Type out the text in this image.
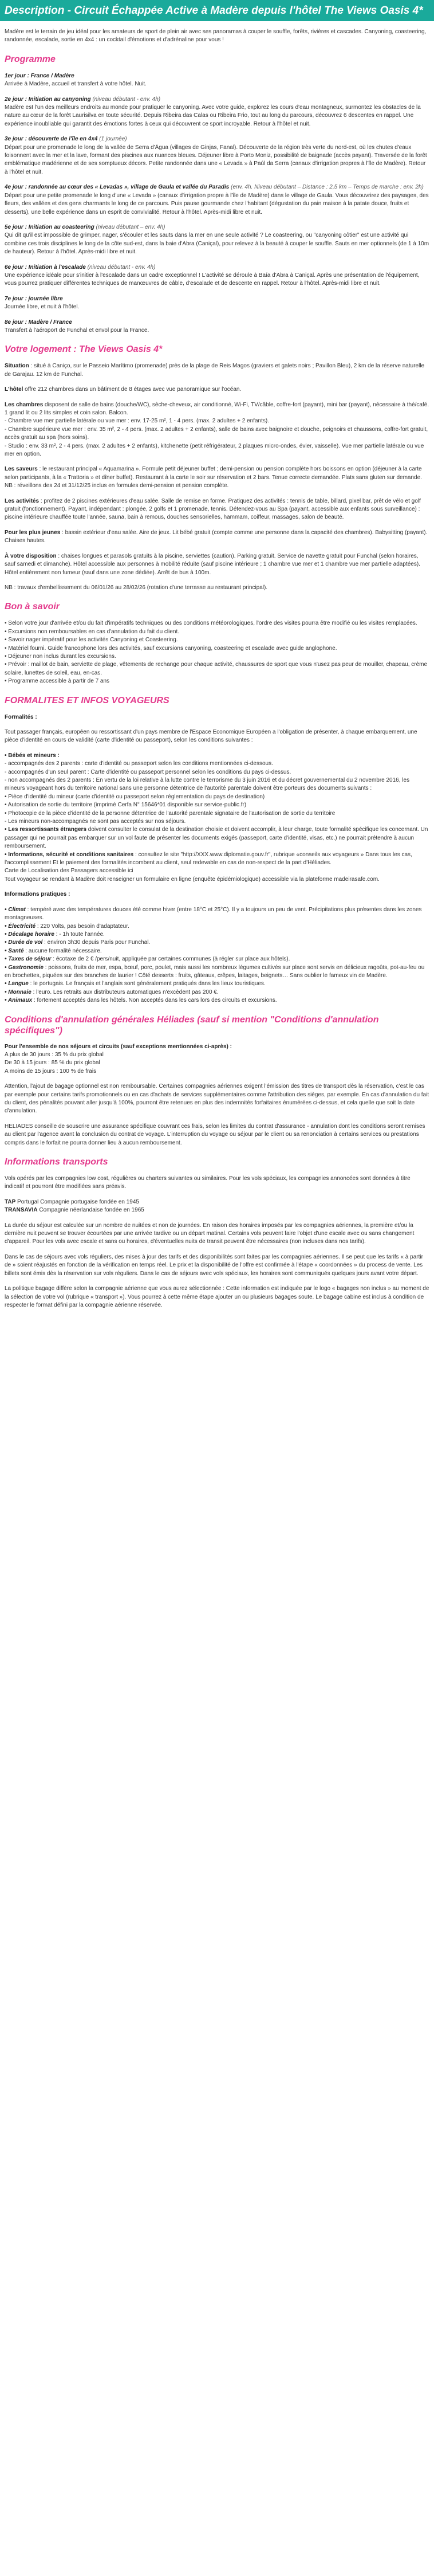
Description - Circuit Échappée Active à Madère depuis l'hôtel The Views Oasis 4*

Madère est le terrain de jeu idéal pour les amateurs de sport de plein air avec ses panoramas à couper le souffle, forêts, rivières et cascades. Canyoning, coasteering, randonnée, escalade, sortie en 4x4 : un cocktail d'émotions et d'adrénaline pour vous !

Programme
1er jour : France / Madère
Arrivée à Madère, accueil et transfert à votre hôtel. Nuit.
2e jour : Initiation au canyoning (niveau débutant - env. 4h)
Madère est l'un des meilleurs endroits au monde pour pratiquer le canyoning. Avec votre guide, explorez les cours d'eau montagneux, surmontez les obstacles de la nature au cœur de la forêt Laurisilva en toute sécurité. Depuis Ribeira das Calas ou Ribeira Frio, tout au long du parcours, découvrez 6 descentes en rappel. Une expérience inoubliable qui garantit des émotions fortes à ceux qui découvrent ce sport incroyable. Retour à l'hôtel et nuit.
3e jour : découverte de l'île en 4x4 (1 journée)
Départ pour une promenade le long de la vallée de Serra d'Água (villages de Ginjas, Fanal). Découverte de la région très verte du nord-est, où les chutes d'eaux foisonnent avec la mer et la lave, formant des piscines aux nuances bleues. Déjeuner libre à Porto Moniz, possibilité de baignade (accès payant). Traversée de la forêt emblématique madérienne et de ses somptueux décors. Petite randonnée dans une « Levada » à Paúl da Serra (canaux d'irrigation propres à l'île de Madère). Retour à l'hôtel et nuit.
4e jour : randonnée au cœur des « Levadas », village de Gaula et vallée du Paradis (env. 4h. Niveau débutant – Distance : 2,5 km – Temps de marche : env. 2h)
Départ pour une petite promenade le long d'une « Levada » (canaux d'irrigation propre à l'île de Madère) dans le village de Gaula. Vous découvrirez des paysages, des fleurs, des vallées et des gens charmants le long de ce parcours. Puis pause gourmande chez l'habitant (dégustation du pain maison à la patate douce, fruits et desserts), une belle expérience dans un esprit de convivialité. Retour à l'hôtel. Après-midi libre et nuit.
5e jour : Initiation au coasteering (niveau débutant – env. 4h)
Qui dit qu'il est impossible de grimper, nager, s'écouler et les sauts dans la mer en une seule activité ? Le coasteering, ou "canyoning côtier" est une activité qui combine ces trois disciplines le long de la côte sud-est, dans la baie d'Abra (Caniçal), pour relevez à la beauté à couper le souffle. Sauts en mer optionnels (de 1 à 10m de hauteur). Retour à l'hôtel. Après-midi libre et nuit.
6e jour : Initiation à l'escalade (niveau débutant - env. 4h)
Une expérience idéale pour s'initier à l'escalade dans un cadre exceptionnel ! L'activité se déroule à Baía d'Abra à Caniçal. Après une présentation de l'équipement, vous pourrez pratiquer différentes techniques de manœuvres de câble, d'escalade et de descente en rappel. Retour à l'hôtel. Après-midi libre et nuit.
7e jour : journée libre
Journée libre, et nuit à l'hôtel.
8e jour : Madère / France
Transfert à l'aéroport de Funchal et envol pour la France.
Votre logement : The Views Oasis 4*

Situation : situé à Caniço, sur le Passeio Marítimo (promenade) près de la plage de Reis Magos (graviers et galets noirs ; Pavillon Bleu), 2 km de la réserve naturelle de Garajau. 12 km de Funchal.

L'hôtel offre 212 chambres dans un bâtiment de 8 étages avec vue panoramique sur l'océan.

Les chambres disposent de salle de bains (douche/WC), sèche-cheveux, air conditionné, Wi-Fi, TV/câble, coffre-fort (payant), mini bar (payant), nécessaire à thé/café. 1 grand lit ou 2 lits simples et coin salon. Balcon.
- Chambre vue mer partielle latérale ou vue mer : env. 17-25 m², 1 - 4 pers. (max. 2 adultes + 2 enfants).
- Chambre supérieure vue mer : env. 35 m², 2 - 4 pers. (max. 2 adultes + 2 enfants), salle de bains avec baignoire et douche, peignoirs et chaussons, coffre-fort gratuit, accès gratuit au spa (hors soins).
- Studio : env. 33 m², 2 - 4 pers. (max. 2 adultes + 2 enfants), kitchenette (petit réfrigérateur, 2 plaques micro-ondes, évier, vaisselle). Vue mer partielle latérale ou vue mer en option.

Les saveurs : le restaurant principal « Aquamarina ». Formule petit déjeuner buffet ; demi-pension ou pension complète hors boissons en option (déjeuner à la carte selon participants, à la « Trattoria » et dîner buffet). Restaurant à la carte le soir sur réservation et 2 bars. Tenue correcte demandée. Plats sans gluten sur demande.
NB : réveillons des 24 et 31/12/25 inclus en formules demi-pension et pension complète.

Les activités : profitez de 2 piscines extérieures d'eau salée. Salle de remise en forme. Pratiquez des activités : tennis de table, billard, pixel bar, prêt de vélo et golf gratuit (fonctionnement). Payant, indépendant : plongée, 2 golfs et 1 promenade, tennis. Détendez-vous au Spa (payant, accessible aux enfants sous surveillance) : piscine intérieure chauffée toute l'année, sauna, bain à remous, douches sensorielles, hammam, coiffeur, massages, salon de beauté.

Pour les plus jeunes : bassin extérieur d'eau salée. Aire de jeux. Lit bébé gratuit (compte comme une personne dans la capacité des chambres). Babysitting (payant). Chaises hautes.

À votre disposition : chaises longues et parasols gratuits à la piscine, serviettes (caution). Parking gratuit. Service de navette gratuit pour Funchal (selon horaires, sauf samedi et dimanche). Hôtel accessible aux personnes à mobilité réduite (sauf piscine intérieure ; 1 chambre vue mer et 1 chambre vue mer partielle adaptées). Hôtel entièrement non fumeur (sauf dans une zone dédiée). Arrêt de bus à 100m.

NB : travaux d'embellissement du 06/01/26 au 28/02/26 (rotation d'une terrasse au restaurant principal).

Bon à savoir
• Selon votre jour d'arrivée et/ou du fait d'impératifs techniques ou des conditions météorologiques, l'ordre des visites pourra être modifié ou les visites remplacées.
• Excursions non remboursables en cas d'annulation du fait du client.
• Savoir nager impératif pour les activités Canyoning et Coasteering.
• Matériel fourni. Guide francophone lors des activités, sauf excursions canyoning, coasteering et escalade avec guide anglophone.
• Déjeuner non inclus durant les excursions.
• Prévoir : maillot de bain, serviette de plage, vêtements de rechange pour chaque activité, chaussures de sport que vous n'usez pas peur de mouiller, chapeau, crème solaire, lunettes de soleil, eau, en-cas.
• Programme accessible à partir de 7 ans
FORMALITES ET INFOS VOYAGEURS

Formalités :

Tout passager français, européen ou ressortissant d'un pays membre de l'Espace Economique Européen a l'obligation de présenter, à chaque embarquement, une pièce d'identité en cours de validité (carte d'identité ou passeport), selon les conditions suivantes :

• Bébés et mineurs :
- accompagnés des 2 parents : carte d'identité ou passeport selon les conditions mentionnées ci-dessous.
- accompagnés d'un seul parent : Carte d'identité ou passeport personnel selon les conditions du pays ci-dessus.
- non accompagnés des 2 parents : En vertu de la loi relative à la lutte contre le terrorisme du 3 juin 2016 et du décret gouvernemental du 2 novembre 2016, les mineurs voyageant hors du territoire national sans une personne détentrice de l'autorité parentale doivent être porteurs des documents suivants :
• Pièce d'identité du mineur (carte d'identité ou passeport selon réglementation du pays de destination)
• Autorisation de sortie du territoire (imprimé Cerfa N° 15646*01 disponible sur service-public.fr)
• Photocopie de la pièce d'identité de la personne détentrice de l'autorité parentale signataire de l'autorisation de sortie du territoire
- Les mineurs non-accompagnés ne sont pas acceptés sur nos séjours.
• Les ressortissants étrangers doivent consulter le consulat de la destination choisie et doivent accomplir, à leur charge, toute formalité spécifique les concernant. Un passager qui ne pourrait pas embarquer sur un vol faute de présenter les documents exigés (passeport, carte d'identité, visas, etc.) ne pourrait prétendre à aucun remboursement.
• Informations, sécurité et conditions sanitaires : consultez le site "http://XXX.www.diplomatie.gouv.fr", rubrique «conseils aux voyageurs » Dans tous les cas, l'accomplissement Et le paiement des formalités incombent au client, seul redevable en cas de non-respect de la part d'Héliades.
Carte de Localisation des Passagers accessible ici
Tout voyageur se rendant à Madère doit renseigner un formulaire en ligne (enquête épidémiologique) accessible via la plateforme madeirasafe.com.

Informations pratiques :

• Climat : tempéré avec des températures douces été comme hiver (entre 18°C et 25°C). Il y a toujours un peu de vent. Précipitations plus présentes dans les zones montagneuses.
• Électricité : 220 Volts, pas besoin d'adaptateur.
• Décalage horaire : - 1h toute l'année.
• Durée de vol : environ 3h30 depuis Paris pour Funchal.
• Santé : aucune formalité nécessaire.
• Taxes de séjour : écotaxe de 2 € /pers/nuit, appliquée par certaines communes (à régler sur place aux hôtels).
• Gastronomie : poissons, fruits de mer, espa, bœuf, porc, poulet, mais aussi les nombreux légumes cultivés sur place sont servis en délicieux ragoûts, pot-au-feu ou en brochettes, piquées sur des branches de laurier ! Côté desserts : fruits, gâteaux, crêpes, laitages, beignets… Sans oublier le fameux vin de Madère.
• Langue : le portugais. Le français et l'anglais sont généralement pratiqués dans les lieux touristiques.
• Monnaie : l'euro. Les retraits aux distributeurs automatiques n'excèdent pas 200 €.
• Animaux : fortement acceptés dans les hôtels. Non acceptés dans les cars lors des circuits et excursions.
Conditions d'annulation générales Héliades (sauf si mention "Conditions d'annulation spécifiques")

Pour l'ensemble de nos séjours et circuits (sauf exceptions mentionnées ci-après) :
A plus de 30 jours : 35 % du prix global
De 30 à 15 jours : 85 % du prix global
A moins de 15 jours : 100 % de frais

Attention, l'ajout de bagage optionnel est non remboursable. Certaines compagnies aériennes exigent l'émission des titres de transport dès la réservation, c'est le cas par exemple pour certains tarifs promotionnels ou en cas d'achats de services supplémentaires comme l'attribution des sièges, par exemple. En cas d'annulation du fait du client, des pénalités pouvant aller jusqu'à 100%, pourront être retenues en plus des indemnités forfaitaires énumérées ci-dessus, et cela quelle que soit la date d'annulation.

HELIADES conseille de souscrire une assurance spécifique couvrant ces frais, selon les limites du contrat d'assurance - annulation dont les conditions seront remises au client par l'agence avant la conclusion du contrat de voyage. L'interruption du voyage ou séjour par le client ou sa renonciation à certains services ou prestations compris dans le forfait ne pourra donner lieu à aucun remboursement.

Informations transports

Vols opérés par les compagnies low cost, régulières ou charters suivantes ou similaires. Pour les vols spéciaux, les compagnies annoncées sont données à titre indicatif et pourront être modifiées sans préavis.

TAP Portugal Compagnie portugaise fondée en 1945
TRANSAVIA Compagnie néerlandaise fondée en 1965

La durée du séjour est calculée sur un nombre de nuitées et non de journées. En raison des horaires imposés par les compagnies aériennes, la première et/ou la dernière nuit peuvent se trouver écourtées par une arrivée tardive ou un départ matinal. Certains vols peuvent faire l'objet d'une escale avec ou sans changement d'appareil. Pour les vols avec escale et sans ou horaires, d'éventuelles nuits de transit peuvent être nécessaires (non incluses dans nos tarifs).

Dans le cas de séjours avec vols réguliers, des mises à jour des tarifs et des disponibilités sont faites par les compagnies aériennes. Il se peut que les tarifs « à partir de » soient réajustés en fonction de la vérification en temps réel. Le prix et la disponibilité de l'offre est confirmée à l'étape « coordonnées » du process de vente. Les billets sont émis dès la réservation sur vols réguliers. Dans le cas de séjours avec vols spéciaux, les horaires sont communiqués quelques jours avant votre départ.

La politique bagage diffère selon la compagnie aérienne que vous aurez sélectionnée : Cette information est indiquée par le logo « bagages non inclus » au moment de la sélection de votre vol (rubrique « transport »). Vous pourrez à cette même étape ajouter un ou plusieurs bagages soute. Le bagage cabine est inclus à condition de respecter le format défini par la compagnie aérienne réservée.
